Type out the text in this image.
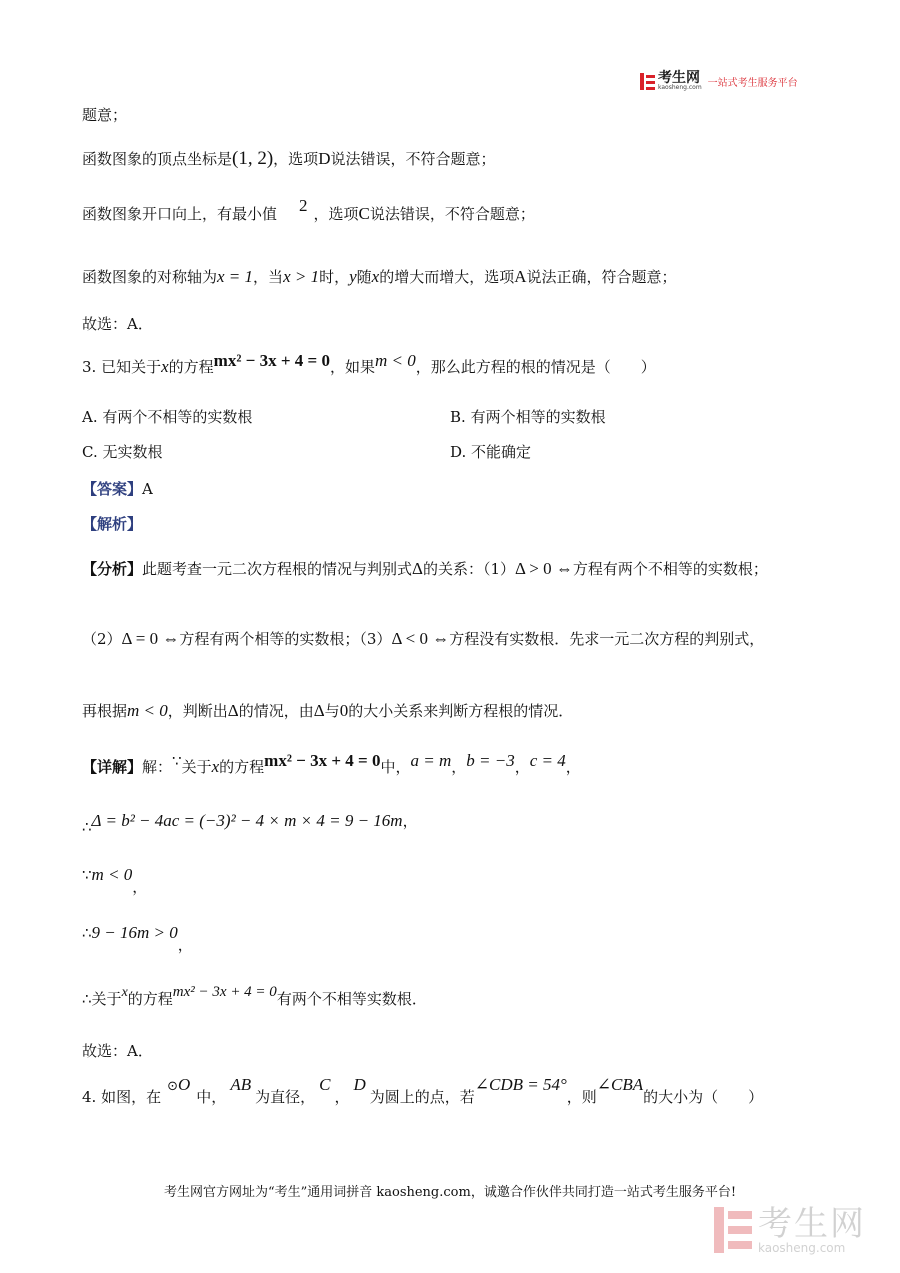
考生网
kaosheng.com 一站式考生服务平台
题意；
函数图象的顶点坐标是(1, 2)，选项D说法错误，不符合题意；
函数图象开口向上，有最小值 2 ，选项C说法错误，不符合题意；
函数图象的对称轴为x = 1，当x > 1时，y随x的增大而增大，选项A说法正确，符合题意；
故选：A．
3. 已知关于x的方程mx² − 3x + 4 = 0，如果m < 0，那么此方程的根的情况是（　　）
A. 有两个不相等的实数根	B. 有两个相等的实数根
C. 无实数根	D. 不能确定
【答案】A
【解析】
【分析】此题考查一元二次方程根的情况与判别式Δ的关系：（1）Δ > 0 ⇔方程有两个不相等的实数根；
（2）Δ = 0 ⇔方程有两个相等的实数根；（3）Δ < 0 ⇔方程没有实数根．先求一元二次方程的判别式，
再根据m < 0，判断出Δ的情况，由Δ与0的大小关系来判断方程根的情况．
【详解】解：∵关于x的方程mx² − 3x + 4 = 0中，a = m，b = −3，c = 4，
∴Δ = b² − 4ac = (−3)² − 4 × m × 4 = 9 − 16m，
∵m < 0，
∴9 − 16m > 0，
∴关于x的方程mx² − 3x + 4 = 0有两个不相等实数根．
故选：A．
4. 如图，在⊙O中，AB为直径，C，D为圆上的点，若∠CDB = 54°，则∠CBA的大小为（　　）
考生网官方网址为“考生”通用词拼音 kaosheng.com，诚邀合作伙伴共同打造一站式考生服务平台!
考生网
kaosheng.com
